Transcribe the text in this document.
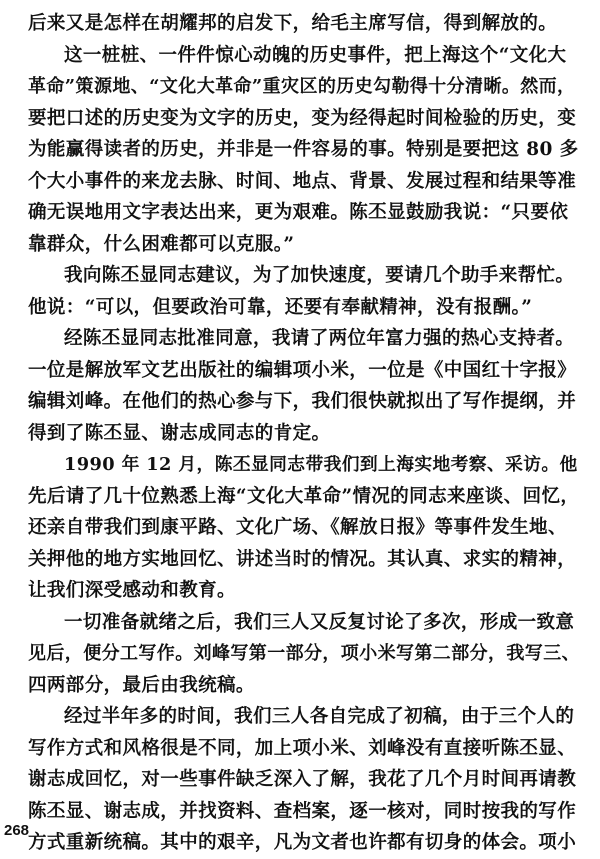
后来又是怎样在胡耀邦的启发下，给毛主席写信，得到解放的。
这一桩桩、一件件惊心动魄的历史事件，把上海这个“文化大
革命”策源地、“文化大革命”重灾区的历史勾勒得十分清晰。然而，
要把口述的历史变为文字的历史，变为经得起时间检验的历史，变
为能赢得读者的历史，并非是一件容易的事。特别是要把这 80 多
个大小事件的来龙去脉、时间、地点、背景、发展过程和结果等准
确无误地用文字表达出来，更为艰难。陈丕显鼓励我说：“只要依
靠群众，什么困难都可以克服。”
我向陈丕显同志建议，为了加快速度，要请几个助手来帮忙。
他说：“可以，但要政治可靠，还要有奉献精神，没有报酬。”
经陈丕显同志批准同意，我请了两位年富力强的热心支持者。
一位是解放军文艺出版社的编辑项小米，一位是《中国红十字报》
编辑刘峰。在他们的热心参与下，我们很快就拟出了写作提纲，并
得到了陈丕显、谢志成同志的肯定。
1990 年 12 月，陈丕显同志带我们到上海实地考察、采访。他
先后请了几十位熟悉上海“文化大革命”情况的同志来座谈、回忆，
还亲自带我们到康平路、文化广场、《解放日报》等事件发生地、
关押他的地方实地回忆、讲述当时的情况。其认真、求实的精神，
让我们深受感动和教育。
一切准备就绪之后，我们三人又反复讨论了多次，形成一致意
见后，便分工写作。刘峰写第一部分，项小米写第二部分，我写三、
四两部分，最后由我统稿。
经过半年多的时间，我们三人各自完成了初稿，由于三个人的
写作方式和风格很是不同，加上项小米、刘峰没有直接听陈丕显、
谢志成回忆，对一些事件缺乏深入了解，我花了几个月时间再请教
陈丕显、谢志成，并找资料、查档案，逐一核对，同时按我的写作
方式重新统稿。其中的艰辛，凡为文者也许都有切身的体会。项小
268
